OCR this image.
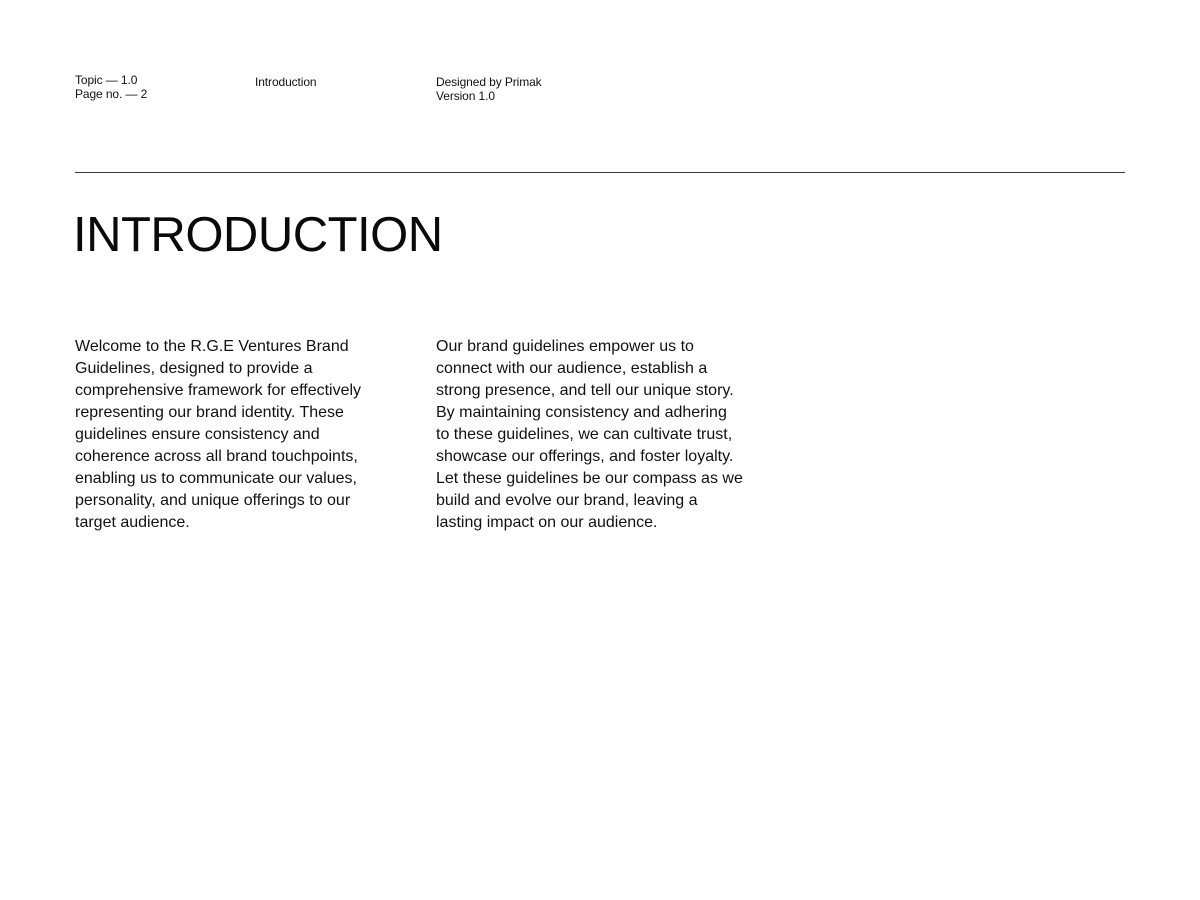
Topic — 1.0
Page no. — 2
Introduction	Designed by Primak
Version 1.0
INTRODUCTION

Welcome to the R.G.E Ventures Brand
Guidelines, designed to provide a
comprehensive framework for effectively
representing our brand identity. These
guidelines ensure consistency and
coherence across all brand touchpoints,
enabling us to communicate our values,
personality, and unique offerings to our
target audience.

Our brand guidelines empower us to
connect with our audience, establish a
strong presence, and tell our unique story.
By maintaining consistency and adhering
to these guidelines, we can cultivate trust,
showcase our offerings, and foster loyalty.
Let these guidelines be our compass as we
build and evolve our brand, leaving a
lasting impact on our audience.
